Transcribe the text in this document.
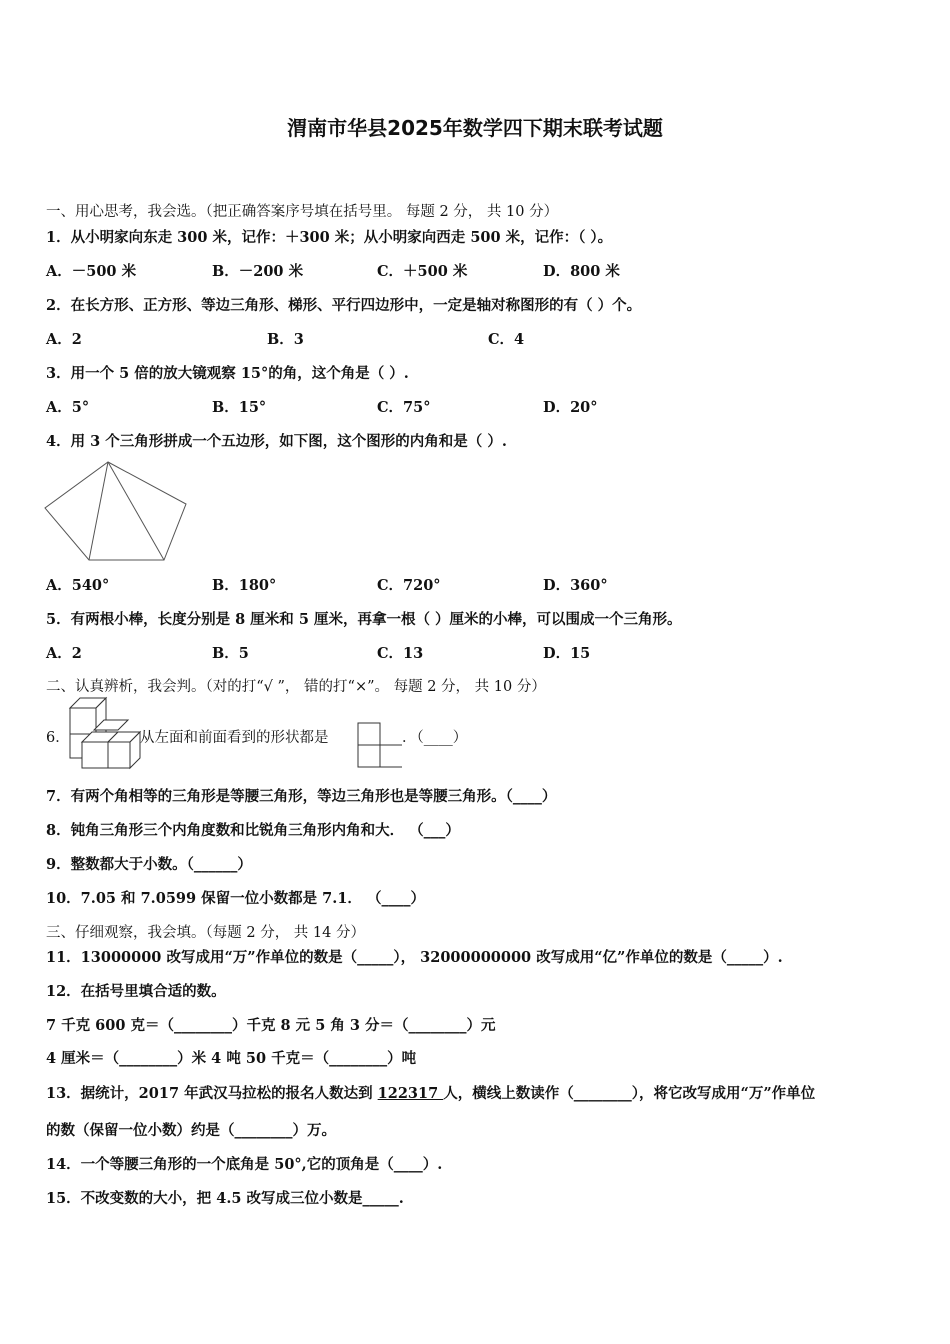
渭南市华县2025年数学四下期末联考试题
一、用心思考，我会选。（把正确答案序号填在括号里。 每题 2 分， 共 10 分）
1．从小明家向东走 300 米，记作：＋300 米；从小明家向西走 500 米，记作：（ ）。
A．－500 米	B．－200 米	C．＋500 米	D．800 米
2．在长方形、正方形、等边三角形、梯形、平行四边形中，一定是轴对称图形的有（ ）个。
A．2	B．3	C．4
3．用一个 5 倍的放大镜观察 15°的角，这个角是（ ）.
A．5°	B．15°	C．75°	D．20°
4．用 3 个三角形拼成一个五边形，如下图，这个图形的内角和是（ ）.
A．540°	B．180°	C．720°	D．360°
5．有两根小棒，长度分别是 8 厘米和 5 厘米，再拿一根（ ）厘米的小棒，可以围成一个三角形。
A．2	B．5	C．13	D．15
二、认真辨析，我会判。（对的打“√ ”， 错的打“×”。 每题 2 分， 共 10 分）
6．	从左面和前面看到的形状都是	．（____）
7．有两个角相等的三角形是等腰三角形，等边三角形也是等腰三角形。（____）
8．钝角三角形三个内角度数和比锐角三角形内角和大． （___）
9．整数都大于小数。（______）
10．7.05 和 7.0599 保留一位小数都是 7.1． （____）
三、仔细观察，我会填。（每题 2 分， 共 14 分）
11．13000000 改写成用“万”作单位的数是（_____）， 32000000000 改写成用“亿”作单位的数是（_____）.
12．在括号里填合适的数。
7 千克 600 克＝（________）千克 8 元 5 角 3 分＝（________）元
4 厘米＝（________）米 4 吨 50 千克＝（________）吨
13．据统计，2017 年武汉马拉松的报名人数达到 122317 人，横线上数读作（________），将它改写成用“万”作单位
的数（保留一位小数）约是（________）万。
14．一个等腰三角形的一个底角是 50°,它的顶角是（____）.
15．不改变数的大小，把 4.5 改写成三位小数是_____.
